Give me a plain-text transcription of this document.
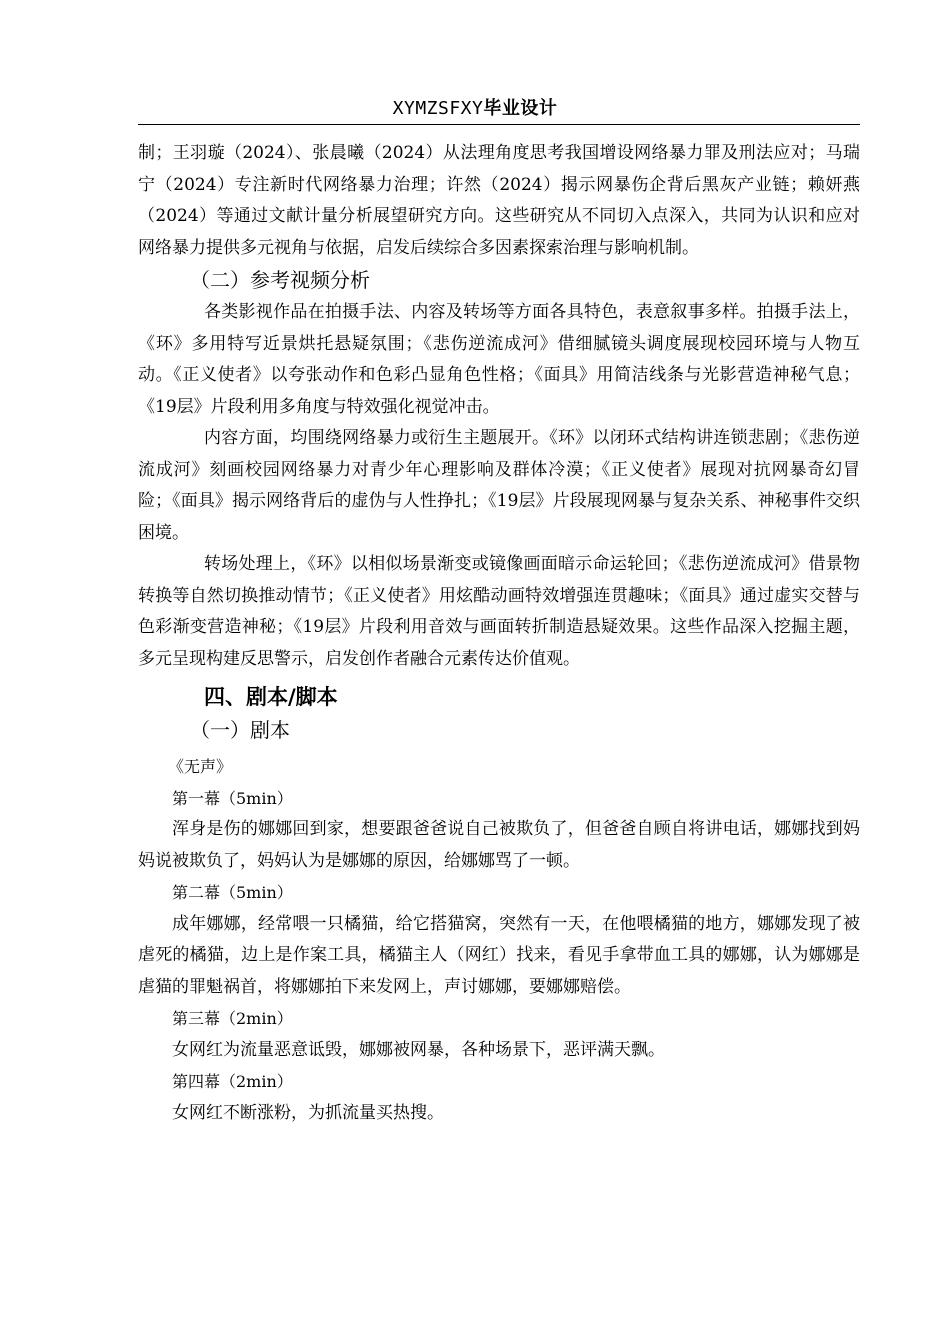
XYMZSFXY毕业设计

制；王羽璇（2024）、张晨曦（2024）从法理角度思考我国增设网络暴力罪及刑法应对；马瑞宁（2024）专注新时代网络暴力治理；许然（2024）揭示网暴伤企背后黑灰产业链；赖妍燕（2024）等通过文献计量分析展望研究方向。这些研究从不同切入点深入，共同为认识和应对网络暴力提供多元视角与依据，启发后续综合多因素探索治理与影响机制。

（二）参考视频分析

各类影视作品在拍摄手法、内容及转场等方面各具特色，表意叙事多样。拍摄手法上，《环》多用特写近景烘托悬疑氛围；《悲伤逆流成河》借细腻镜头调度展现校园环境与人物互动。《正义使者》以夸张动作和色彩凸显角色性格；《面具》用简洁线条与光影营造神秘气息；《19层》片段利用多角度与特效强化视觉冲击。

内容方面，均围绕网络暴力或衍生主题展开。《环》以闭环式结构讲连锁悲剧；《悲伤逆流成河》刻画校园网络暴力对青少年心理影响及群体冷漠；《正义使者》展现对抗网暴奇幻冒险；《面具》揭示网络背后的虚伪与人性挣扎；《19层》片段展现网暴与复杂关系、神秘事件交织困境。

转场处理上，《环》以相似场景渐变或镜像画面暗示命运轮回；《悲伤逆流成河》借景物转换等自然切换推动情节；《正义使者》用炫酷动画特效增强连贯趣味；《面具》通过虚实交替与色彩渐变营造神秘；《19层》片段利用音效与画面转折制造悬疑效果。这些作品深入挖掘主题，多元呈现构建反思警示，启发创作者融合元素传达价值观。

四、剧本/脚本
（一）剧本

《无声》

第一幕（5min）

浑身是伤的娜娜回到家，想要跟爸爸说自己被欺负了，但爸爸自顾自将讲电话，娜娜找到妈妈说被欺负了，妈妈认为是娜娜的原因，给娜娜骂了一顿。

第二幕（5min）

成年娜娜，经常喂一只橘猫，给它搭猫窝，突然有一天，在他喂橘猫的地方，娜娜发现了被虐死的橘猫，边上是作案工具，橘猫主人（网红）找来，看见手拿带血工具的娜娜，认为娜娜是虐猫的罪魁祸首，将娜娜拍下来发网上，声讨娜娜，要娜娜赔偿。

第三幕（2min）

女网红为流量恶意诋毁，娜娜被网暴，各种场景下，恶评满天飘。

第四幕（2min）

女网红不断涨粉，为抓流量买热搜。
